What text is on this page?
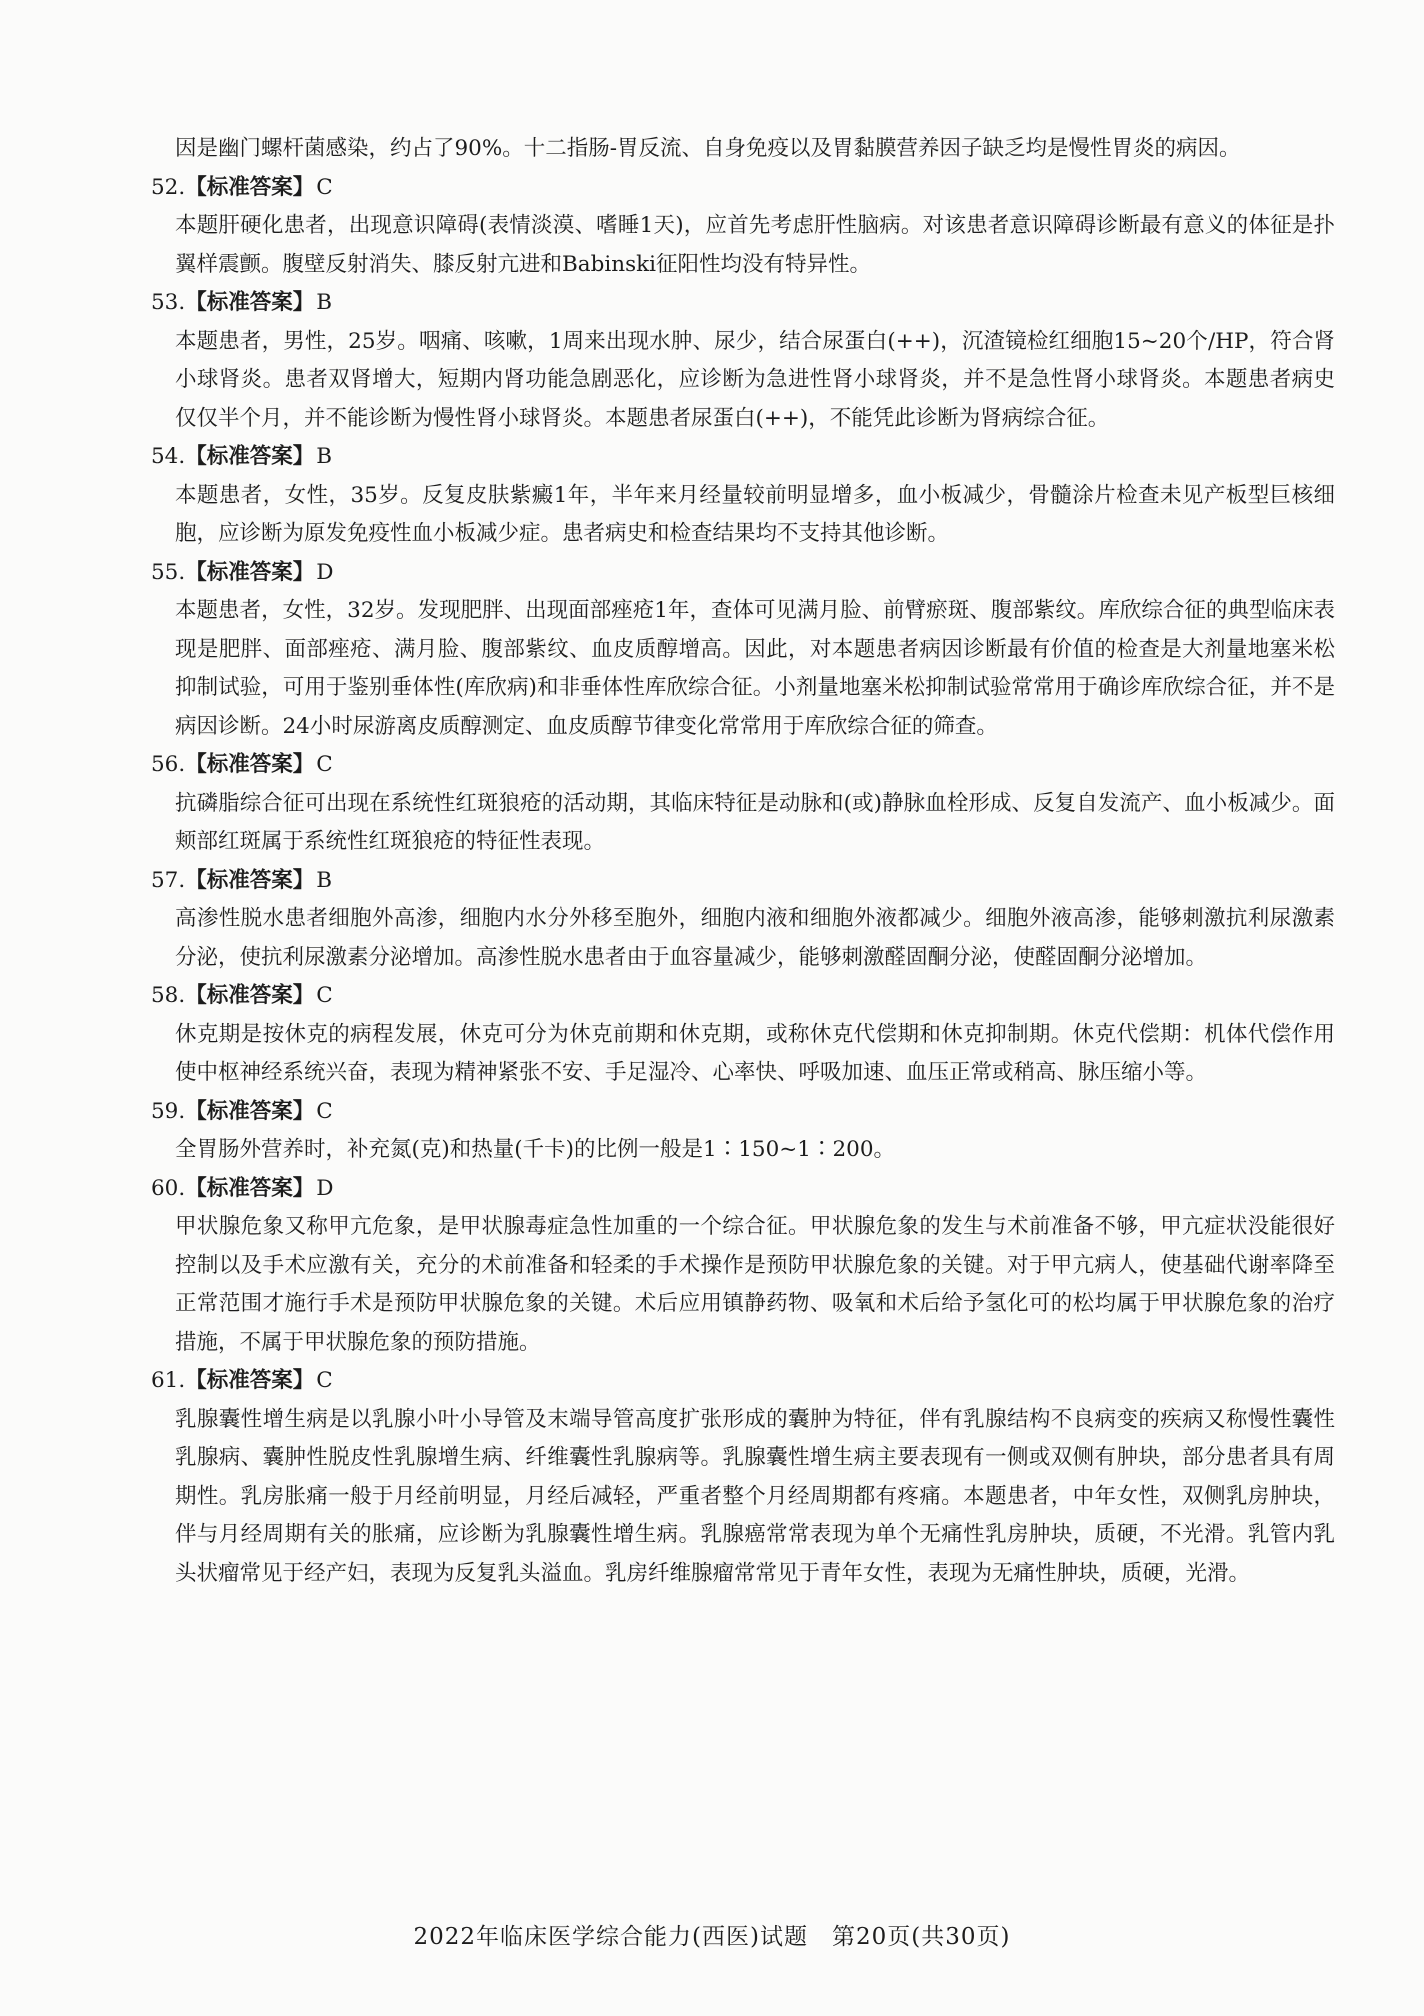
因是幽门螺杆菌感染，约占了90%。十二指肠-胃反流、自身免疫以及胃黏膜营养因子缺乏均是慢性胃炎的病因。

52.【标准答案】C

本题肝硬化患者，出现意识障碍(表情淡漠、嗜睡1天)，应首先考虑肝性脑病。对该患者意识障碍诊断最有意义的体征是扑翼样震颤。腹壁反射消失、膝反射亢进和Babinski征阳性均没有特异性。

53.【标准答案】B

本题患者，男性，25岁。咽痛、咳嗽，1周来出现水肿、尿少，结合尿蛋白(++)，沉渣镜检红细胞15~20个/HP，符合肾小球肾炎。患者双肾增大，短期内肾功能急剧恶化，应诊断为急进性肾小球肾炎，并不是急性肾小球肾炎。本题患者病史仅仅半个月，并不能诊断为慢性肾小球肾炎。本题患者尿蛋白(++)，不能凭此诊断为肾病综合征。

54.【标准答案】B

本题患者，女性，35岁。反复皮肤紫癜1年，半年来月经量较前明显增多，血小板减少，骨髓涂片检查未见产板型巨核细胞，应诊断为原发免疫性血小板减少症。患者病史和检查结果均不支持其他诊断。

55.【标准答案】D

本题患者，女性，32岁。发现肥胖、出现面部痤疮1年，查体可见满月脸、前臂瘀斑、腹部紫纹。库欣综合征的典型临床表现是肥胖、面部痤疮、满月脸、腹部紫纹、血皮质醇增高。因此，对本题患者病因诊断最有价值的检查是大剂量地塞米松抑制试验，可用于鉴别垂体性(库欣病)和非垂体性库欣综合征。小剂量地塞米松抑制试验常常用于确诊库欣综合征，并不是病因诊断。24小时尿游离皮质醇测定、血皮质醇节律变化常常用于库欣综合征的筛查。

56.【标准答案】C

抗磷脂综合征可出现在系统性红斑狼疮的活动期，其临床特征是动脉和(或)静脉血栓形成、反复自发流产、血小板减少。面颊部红斑属于系统性红斑狼疮的特征性表现。

57.【标准答案】B

高渗性脱水患者细胞外高渗，细胞内水分外移至胞外，细胞内液和细胞外液都减少。细胞外液高渗，能够刺激抗利尿激素分泌，使抗利尿激素分泌增加。高渗性脱水患者由于血容量减少，能够刺激醛固酮分泌，使醛固酮分泌增加。

58.【标准答案】C

休克期是按休克的病程发展，休克可分为休克前期和休克期，或称休克代偿期和休克抑制期。休克代偿期：机体代偿作用使中枢神经系统兴奋，表现为精神紧张不安、手足湿冷、心率快、呼吸加速、血压正常或稍高、脉压缩小等。

59.【标准答案】C

全胃肠外营养时，补充氮(克)和热量(千卡)的比例一般是1∶150~1∶200。

60.【标准答案】D

甲状腺危象又称甲亢危象，是甲状腺毒症急性加重的一个综合征。甲状腺危象的发生与术前准备不够，甲亢症状没能很好控制以及手术应激有关，充分的术前准备和轻柔的手术操作是预防甲状腺危象的关键。对于甲亢病人，使基础代谢率降至正常范围才施行手术是预防甲状腺危象的关键。术后应用镇静药物、吸氧和术后给予氢化可的松均属于甲状腺危象的治疗措施，不属于甲状腺危象的预防措施。

61.【标准答案】C

乳腺囊性增生病是以乳腺小叶小导管及末端导管高度扩张形成的囊肿为特征，伴有乳腺结构不良病变的疾病又称慢性囊性乳腺病、囊肿性脱皮性乳腺增生病、纤维囊性乳腺病等。乳腺囊性增生病主要表现有一侧或双侧有肿块，部分患者具有周期性。乳房胀痛一般于月经前明显，月经后减轻，严重者整个月经周期都有疼痛。本题患者，中年女性，双侧乳房肿块，伴与月经周期有关的胀痛，应诊断为乳腺囊性增生病。乳腺癌常常表现为单个无痛性乳房肿块，质硬，不光滑。乳管内乳头状瘤常见于经产妇，表现为反复乳头溢血。乳房纤维腺瘤常常见于青年女性，表现为无痛性肿块，质硬，光滑。

2022年临床医学综合能力(西医)试题　第20页(共30页)
